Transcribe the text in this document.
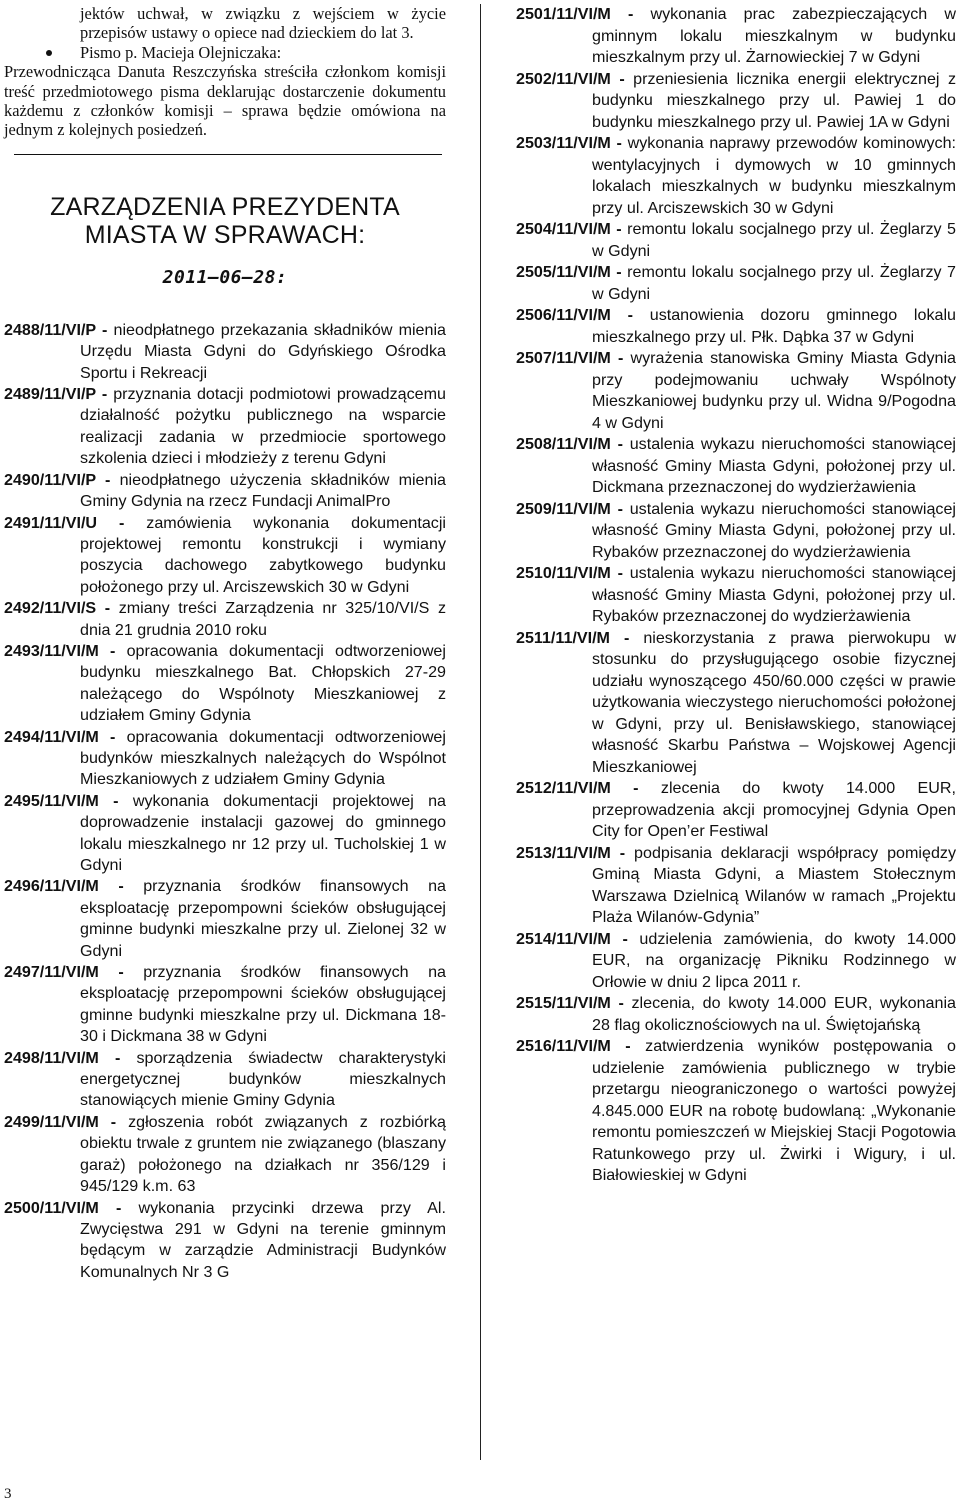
jektów uchwał, w związku z wejściem w życie przepisów ustawy o opiece nad dzieckiem do lat 3.

Pismo p. Macieja Olejniczaka:

Przewodnicząca Danuta Reszczyńska streściła członkom komisji treść przedmiotowego pisma deklarując dostarczenie dokumentu każdemu z członków komisji – sprawa będzie omówiona na jednym z kolejnych posiedzeń.

ZARZĄDZENIA PREZYDENTA
MIASTA W SPRAWACH:
2011–06–28:

2488/11/VI/P - nieodpłatnego przekazania składników mienia Urzędu Miasta Gdyni do Gdyńskiego Ośrodka Sportu i Rekreacji

2489/11/VI/P - przyznania dotacji podmiotowi prowadzącemu działalność pożytku publicznego na wsparcie realizacji zadania w przedmiocie sportowego szkolenia dzieci i młodzieży z terenu Gdyni

2490/11/VI/P - nieodpłatnego użyczenia składników mienia Gminy Gdynia na rzecz Fundacji AnimalPro

2491/11/VI/U - zamówienia wykonania dokumentacji projektowej remontu konstrukcji i wymiany poszycia dachowego zabytkowego budynku położonego przy ul. Arciszewskich 30 w Gdyni

2492/11/VI/S - zmiany treści Zarządzenia nr 325/10/VI/S z dnia 21 grudnia 2010 roku

2493/11/VI/M - opracowania dokumentacji odtworzeniowej budynku mieszkalnego Bat. Chłopskich 27-29 należącego do Wspólnoty Mieszkaniowej z udziałem Gminy Gdynia

2494/11/VI/M - opracowania dokumentacji odtworzeniowej budynków mieszkalnych należących do Wspólnot Mieszkaniowych z udziałem Gminy Gdynia

2495/11/VI/M - wykonania dokumentacji projektowej na doprowadzenie instalacji gazowej do gminnego lokalu mieszkalnego nr 12 przy ul. Tucholskiej 1 w Gdyni

2496/11/VI/M - przyznania środków finansowych na eksploatację przepompowni ścieków obsługującej gminne budynki mieszkalne przy ul. Zielonej 32 w Gdyni

2497/11/VI/M - przyznania środków finansowych na eksploatację przepompowni ścieków obsługującej gminne budynki mieszkalne przy ul. Dickmana 18-30 i Dickmana 38 w Gdyni

2498/11/VI/M - sporządzenia świadectw charakterystyki energetycznej budynków mieszkalnych stanowiących mienie Gminy Gdynia

2499/11/VI/M - zgłoszenia robót związanych z rozbiórką obiektu trwale z gruntem nie związanego (blaszany garaż) położonego na działkach nr 356/129 i 945/129 k.m. 63

2500/11/VI/M - wykonania przycinki drzewa przy Al. Zwycięstwa 291 w Gdyni na terenie gminnym będącym w zarządzie Administracji Budynków Komunalnych Nr 3 G

2501/11/VI/M - wykonania prac zabezpieczających w gminnym lokalu mieszkalnym w budynku mieszkalnym przy ul. Żarnowieckiej 7 w Gdyni

2502/11/VI/M - przeniesienia licznika energii elektrycznej z budynku mieszkalnego przy ul. Pawiej 1 do budynku mieszkalnego przy ul. Pawiej 1A w Gdyni

2503/11/VI/M - wykonania naprawy przewodów kominowych: wentylacyjnych i dymowych w 10 gminnych lokalach mieszkalnych w budynku mieszkalnym przy ul. Arciszewskich 30 w Gdyni

2504/11/VI/M - remontu lokalu socjalnego przy ul. Żeglarzy 5 w Gdyni

2505/11/VI/M - remontu lokalu socjalnego przy ul. Żeglarzy 7 w Gdyni

2506/11/VI/M - ustanowienia dozoru gminnego lokalu mieszkalnego przy ul. Płk. Dąbka 37 w Gdyni

2507/11/VI/M - wyrażenia stanowiska Gminy Miasta Gdynia przy podejmowaniu uchwały Wspólnoty Mieszkaniowej budynku przy ul. Widna 9/Pogodna 4 w Gdyni

2508/11/VI/M - ustalenia wykazu nieruchomości stanowiącej własność Gminy Miasta Gdyni, położonej przy ul. Dickmana przeznaczonej do wydzierżawienia

2509/11/VI/M - ustalenia wykazu nieruchomości stanowiącej własność Gminy Miasta Gdyni, położonej przy ul. Rybaków przeznaczonej do wydzierżawienia

2510/11/VI/M - ustalenia wykazu nieruchomości stanowiącej własność Gminy Miasta Gdyni, położonej przy ul. Rybaków przeznaczonej do wydzierżawienia

2511/11/VI/M - nieskorzystania z prawa pierwokupu w stosunku do przysługującego osobie fizycznej udziału wynoszącego 450/60.000 części w prawie użytkowania wieczystego nieruchomości położonej w Gdyni, przy ul. Benisławskiego, stanowiącej własność Skarbu Państwa – Wojskowej Agencji Mieszkaniowej

2512/11/VI/M - zlecenia do kwoty 14.000 EUR, przeprowadzenia akcji promocyjnej Gdynia Open City for Open’er Festiwal

2513/11/VI/M - podpisania deklaracji współpracy pomiędzy Gminą Miasta Gdyni, a Miastem Stołecznym Warszawa Dzielnicą Wilanów w ramach „Projektu Plaża Wilanów-Gdynia”

2514/11/VI/M - udzielenia zamówienia, do kwoty 14.000 EUR, na organizację Pikniku Rodzinnego w Orłowie w dniu 2 lipca 2011 r.

2515/11/VI/M - zlecenia, do kwoty 14.000 EUR, wykonania 28 flag okolicznościowych na ul. Świętojańską

2516/11/VI/M - zatwierdzenia wyników postępowania o udzielenie zamówienia publicznego w trybie przetargu nieograniczonego o wartości powyżej 4.845.000 EUR na robotę budowlaną: „Wykonanie remontu pomieszczeń w Miejskiej Stacji Pogotowia Ratunkowego przy ul. Żwirki i Wigury, i ul. Białowieskiej w Gdyni

3
